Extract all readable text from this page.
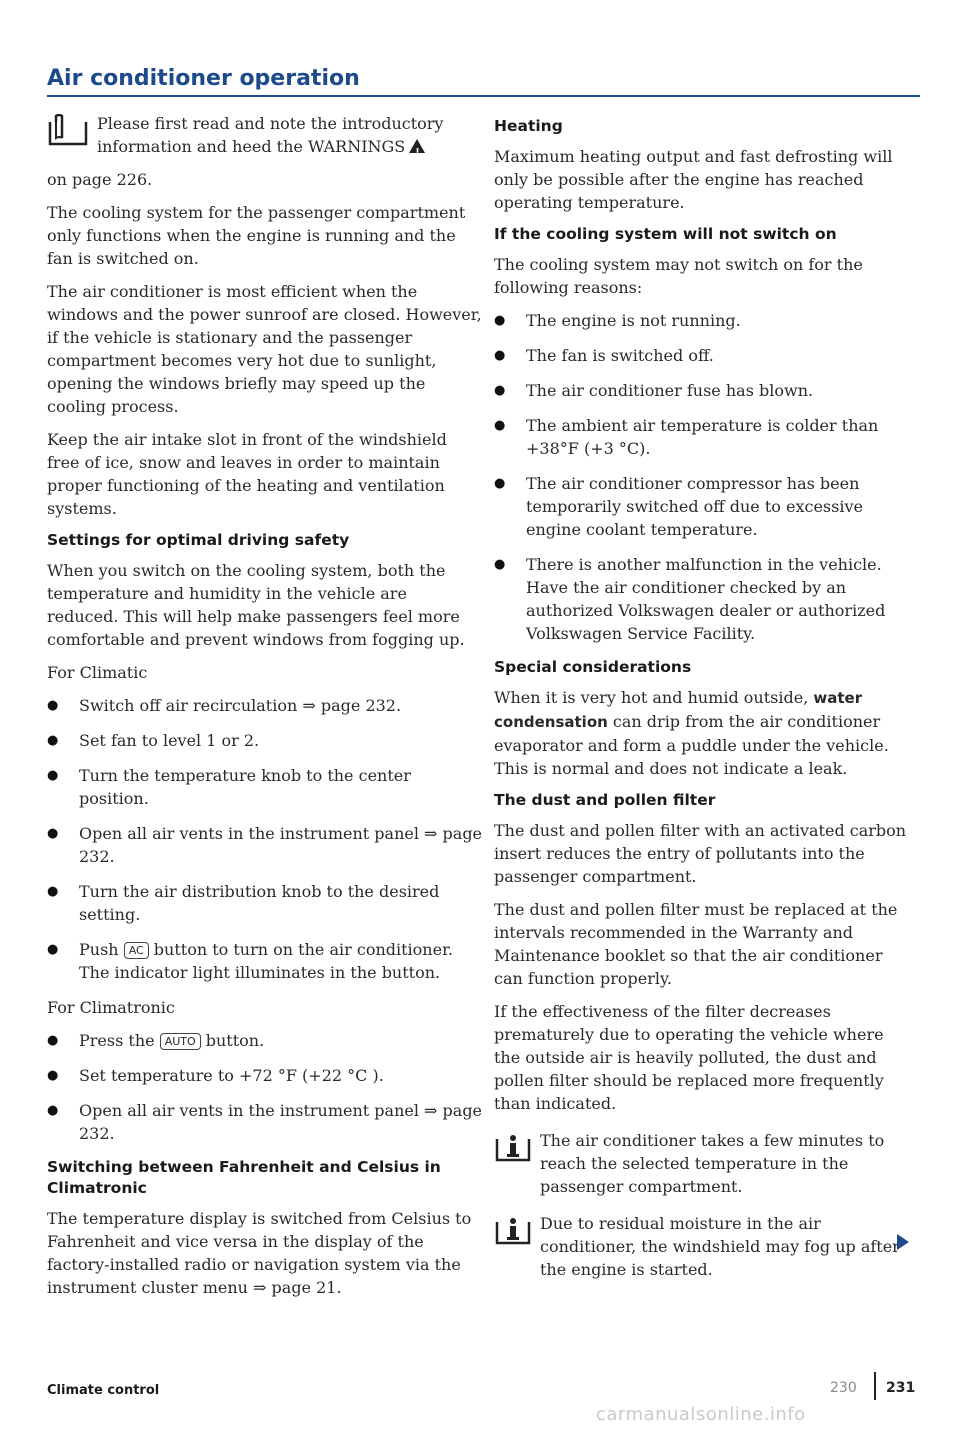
Air conditioner operation
Please first read and note the introductory information and heed the WARNINGS!

on page 226.

The cooling system for the passenger compartment only functions when the engine is running and the fan is switched on.

The air conditioner is most efficient when the windows and the power sunroof are closed. However, if the vehicle is stationary and the passenger compartment becomes very hot due to sunlight, opening the windows briefly may speed up the cooling process.

Keep the air intake slot in front of the windshield free of ice, snow and leaves in order to maintain proper functioning of the heating and ventilation systems.

Settings for optimal driving safety

When you switch on the cooling system, both the temperature and humidity in the vehicle are reduced. This will help make passengers feel more comfortable and prevent windows from fogging up.

For Climatic
● Switch off air recirculation ⇒ page 232.
● Set fan to level 1 or 2.
● Turn the temperature knob to the center position.
● Open all air vents in the instrument panel ⇒ page 232.
● Turn the air distribution knob to the desired setting.
● Push AC button to turn on the air conditioner. The indicator light illuminates in the button.
For Climatronic
● Press the AUTO button.
● Set temperature to +72 °F (+22 °C ).
● Open all air vents in the instrument panel ⇒ page 232.
Switching between Fahrenheit and Celsius in Climatronic

The temperature display is switched from Celsius to Fahrenheit and vice versa in the display of the factory-installed radio or navigation system via the instrument cluster menu ⇒ page 21.

Heating

Maximum heating output and fast defrosting will only be possible after the engine has reached operating temperature.

If the cooling system will not switch on

The cooling system may not switch on for the following reasons:

● The engine is not running.
● The fan is switched off.
● The air conditioner fuse has blown.
● The ambient air temperature is colder than +38°F (+3 °C).
● The air conditioner compressor has been temporarily switched off due to excessive engine coolant temperature.
● There is another malfunction in the vehicle. Have the air conditioner checked by an authorized Volkswagen dealer or authorized Volkswagen Service Facility.
Special considerations

When it is very hot and humid outside, water condensation can drip from the air conditioner evaporator and form a puddle under the vehicle. This is normal and does not indicate a leak.

The dust and pollen filter

The dust and pollen filter with an activated carbon insert reduces the entry of pollutants into the passenger compartment.

The dust and pollen filter must be replaced at the intervals recommended in the Warranty and Maintenance booklet so that the air conditioner can function properly.

If the effectiveness of the filter decreases prematurely due to operating the vehicle where the outside air is heavily polluted, the dust and pollen filter should be replaced more frequently than indicated.

The air conditioner takes a few minutes to reach the selected temperature in the passenger compartment.
Due to residual moisture in the air conditioner, the windshield may fog up after the engine is started.
Climate control	230 231
carmanualsonline.info
